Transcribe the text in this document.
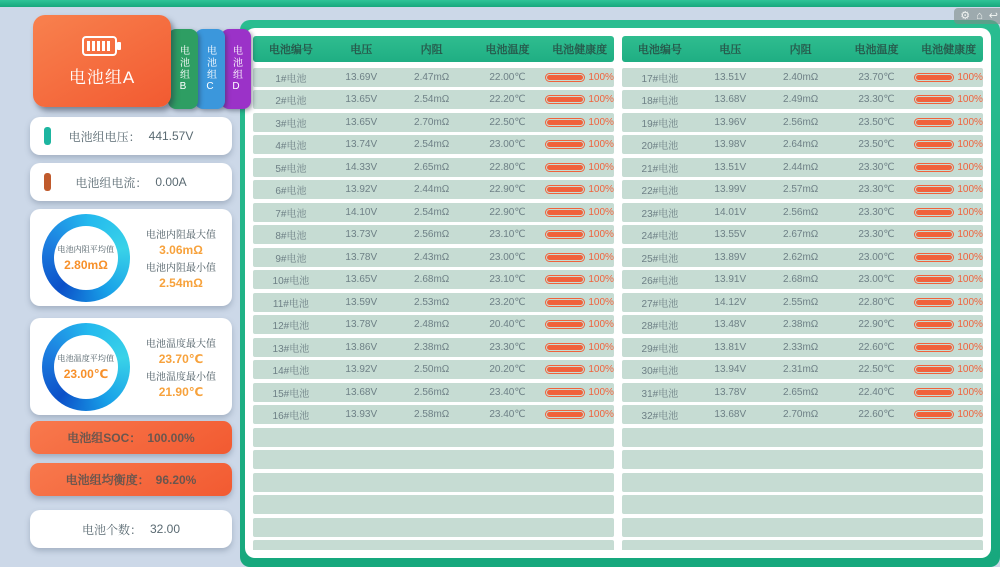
⚙ ⌂ ↩
电池组B	电池组C	电池组D
电池组A
电池组电压： 441.57V
电池组电流： 0.00A
电池内阻平均值
2.80mΩ
电池内阻最大值
3.06mΩ
电池内阻最小值
2.54mΩ
电池温度平均值
23.00℃
电池温度最大值
23.70℃
电池温度最小值
21.90℃
电池组SOC： 100.00%
电池组均衡度： 96.20%
电池个数： 32.00
电池编号	电压	内阻	电池温度	电池健康度
1#电池	13.69V	2.47mΩ	22.00℃	100%
2#电池	13.65V	2.54mΩ	22.20℃	100%
3#电池	13.65V	2.70mΩ	22.50℃	100%
4#电池	13.74V	2.54mΩ	23.00℃	100%
5#电池	14.33V	2.65mΩ	22.80℃	100%
6#电池	13.92V	2.44mΩ	22.90℃	100%
7#电池	14.10V	2.54mΩ	22.90℃	100%
8#电池	13.73V	2.56mΩ	23.10℃	100%
9#电池	13.78V	2.43mΩ	23.00℃	100%
10#电池	13.65V	2.68mΩ	23.10℃	100%
11#电池	13.59V	2.53mΩ	23.20℃	100%
12#电池	13.78V	2.48mΩ	20.40℃	100%
13#电池	13.86V	2.38mΩ	23.30℃	100%
14#电池	13.92V	2.50mΩ	20.20℃	100%
15#电池	13.68V	2.56mΩ	23.40℃	100%
16#电池	13.93V	2.58mΩ	23.40℃	100%
电池编号	电压	内阻	电池温度	电池健康度
17#电池	13.51V	2.40mΩ	23.70℃	100%
18#电池	13.68V	2.49mΩ	23.30℃	100%
19#电池	13.96V	2.56mΩ	23.50℃	100%
20#电池	13.98V	2.64mΩ	23.50℃	100%
21#电池	13.51V	2.44mΩ	23.30℃	100%
22#电池	13.99V	2.57mΩ	23.30℃	100%
23#电池	14.01V	2.56mΩ	23.30℃	100%
24#电池	13.55V	2.67mΩ	23.30℃	100%
25#电池	13.89V	2.62mΩ	23.00℃	100%
26#电池	13.91V	2.68mΩ	23.00℃	100%
27#电池	14.12V	2.55mΩ	22.80℃	100%
28#电池	13.48V	2.38mΩ	22.90℃	100%
29#电池	13.81V	2.33mΩ	22.60℃	100%
30#电池	13.94V	2.31mΩ	22.50℃	100%
31#电池	13.78V	2.65mΩ	22.40℃	100%
32#电池	13.68V	2.70mΩ	22.60℃	100%
